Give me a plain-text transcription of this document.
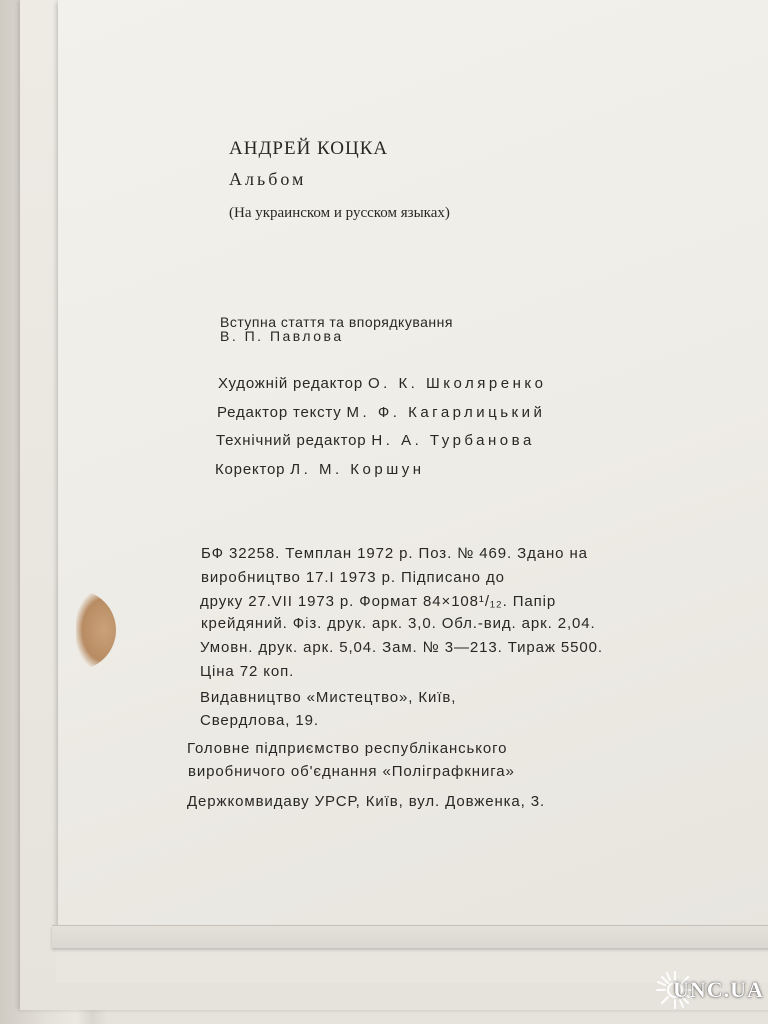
АНДРЕЙ КОЦКА

Альбом

(На украинском и русском языках)

Вступна стаття та впорядкування

В. П. Павлова

Художній редактор О. К. Школяренко

Редактор тексту М. Ф. Кагарлицький

Технічний редактор Н. А. Турбанова

Коректор Л. М. Коршун

БФ 32258. Темплан 1972 р. Поз. № 469. Здано на

виробництво 17.І 1973 р. Підписано до

друку 27.VII 1973 р. Формат 84×108¹/₁₂. Папір

крейдяний. Фіз. друк. арк. 3,0. Обл.-вид. арк. 2,04.

Умовн. друк. арк. 5,04. Зам. № 3—213. Тираж 5500.

Ціна 72 коп.

Видавництво «Мистецтво», Київ,

Свердлова, 19.

Головне підприємство республіканського

виробничого об'єднання «Поліграфкнига»

Держкомвидаву УРСР, Київ, вул. Довженка, 3.

UNC.UA
